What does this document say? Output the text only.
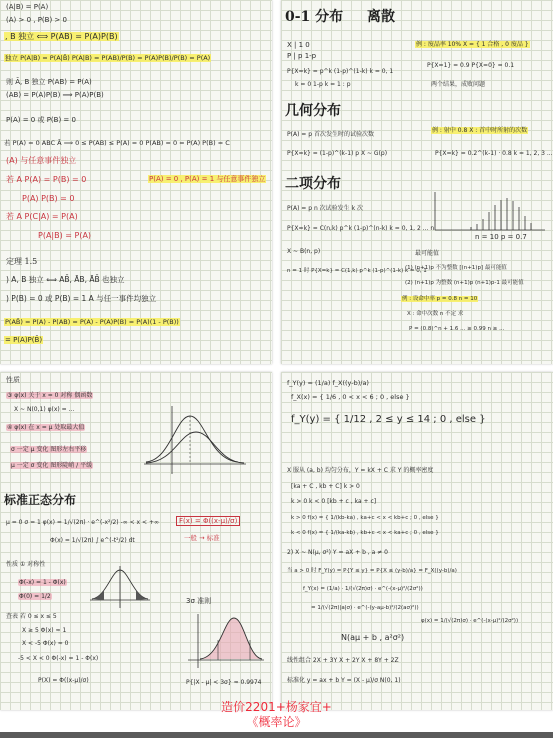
(A|B) = P(A)
(A) > 0 , P(B) > 0
, B 独立 ⟺ P(AB) = P(A)P(B)
独立 P(A|B) = P(A|B̄) P(A|B) = P(AB)/P(B) = P(A)P(B)/P(B) = P(A)
则 Ā, B 独立 P(AB) = P(A)
(AB) = P(A)P(B) ⟹ P(A)P(B)
P(A) = 0 或 P(B) = 0
若 P(A) = 0 ABC Ā ⟹ 0 ≤ P(AB) ≤ P(A) = 0 P(AB) = 0 = P(A) P(B) = C
(A) 与任意事件独立
若 A P(A) = P(B) = 0	P(A) = 0 , P(A) = 1 与任意事件独立
P(A) P(B) = 0
若 A P(C|A) = P(A)
P(A|B) = P(A)
定理 1.5
) A, B 独立 ⟺ AB̄, ĀB, ĀB̄ 也独立
) P(B) = 0 或 P(B) = 1 A 与任一事件均独立
P(AB̄) = P(A) - P(AB) = P(A) - P(A)P(B) = P(A)(1 - P(B))
= P(A)P(B̄)
0-1 分布 离散
X | 1 0
P | p 1-p
P{X=k} = p^k (1-p)^(1-k) k = 0, 1
k = 0 1-p k = 1 : p
例 : 废品率 10% X = { 1 合格 , 0 废品 }
P{X=1} = 0.9 P{X=0} = 0.1
两个结果，成败问题
几何分布
P(A) = p 首次发生时的试验次数
P{X=k} = (1-p)^(k-1) p X ~ G(p)
例 : 射中 0.8 X : 首中时所射的次数
P{X=k} = 0.2^(k-1) · 0.8 k = 1, 2, 3 ...
二项分布
P(A) = p n 次试验发生 k 次
P{X=k} = C(n,k) p^k (1-p)^(n-k) k = 0, 1, 2 ... n
X ~ B(n, p)
n = 1 时 P{X=k} = C(1,k) p^k (1-p)^(1-k) k = 0, 1
n = 10 p = 0.7
最可能值
(1) (n+1)p 不为整数 [(n+1)p] 最可能值
(2) (n+1)p 为整数 (n+1)p (n+1)p-1 最可能值
例 : 设命中率 p = 0.8 n = 10
X : 命中次数 n 不定 求
P = (0.8)^n + 1.6 ... ≥ 0.99 n ≥ ...
性质
③ φ(x) 关于 x = 0 对称 偶函数
X ~ N(0,1) φ(x) = ...
④ φ(x) 在 x = μ 处取最大值
σ 一定 μ 变化 图形左右平移
μ 一定 σ 变化 图形陡峭 / 平缓
标准正态分布
μ = 0 σ = 1 φ(x) = 1/√(2π) · e^(-x²/2) -∞ < x < +∞
Φ(x) = 1/√(2π) ∫ e^(-t²/2) dt
F(x) = Φ((x-μ)/σ)
一般 → 标准
性质 ① 对称性
Φ(-x) = 1 - Φ(x)
Φ(0) = 1/2
3σ 准则
查表 若 0 ≤ x ≤ 5
X ≥ 5 Φ(x) ≈ 1
X < -5 Φ(x) ≈ 0
-5 < X < 0 Φ(-x) = 1 - Φ(x)
P(X) = Φ((x-μ)/σ)	P{|X - μ| < 3σ} ≈ 0.9974
f_Y(y) = (1/a) f_X((y-b)/a)
f_X(x) = { 1/6 , 0 < x < 6 ; 0 , else }
f_Y(y) = { 1/12 , 2 ≤ y ≤ 14 ; 0 , else }
X 服从 (a, b) 均匀分布，Y = kX + C 求 Y 的概率密度
[ka + C , kb + C] k > 0
k > 0 k < 0 [kb + c , ka + c]
k > 0 f(x) = { 1/(kb-ka) , ka+c < x < kb+c ; 0 , else }
k < 0 f(x) = { 1/(ka-kb) , kb+c < x < ka+c ; 0 , else }
2) X ~ N(μ, σ²) Y = aX + b , a ≠ 0
当 a > 0 时 F_Y(y) = P{Y ≤ y} = P{X ≤ (y-b)/a} = F_X((y-b)/a)
f_Y(x) = (1/a) · 1/(√(2π)σ) · e^(-(x-μ)²/(2σ²))
= 1/(√(2π)|a|σ) · e^(-(y-aμ-b)²/(2(aσ)²))
φ(x) = 1/(√(2π)σ) · e^(-(x-μ)²/(2σ²))
N(aμ + b , a²σ²)
线性组合 2X + 3Y X + 2Y X + 8Y + 2Z
标准化 y = ax + b Y = (X - μ)/σ N(0, 1)
造价2201+杨家宜+
《概率论》
